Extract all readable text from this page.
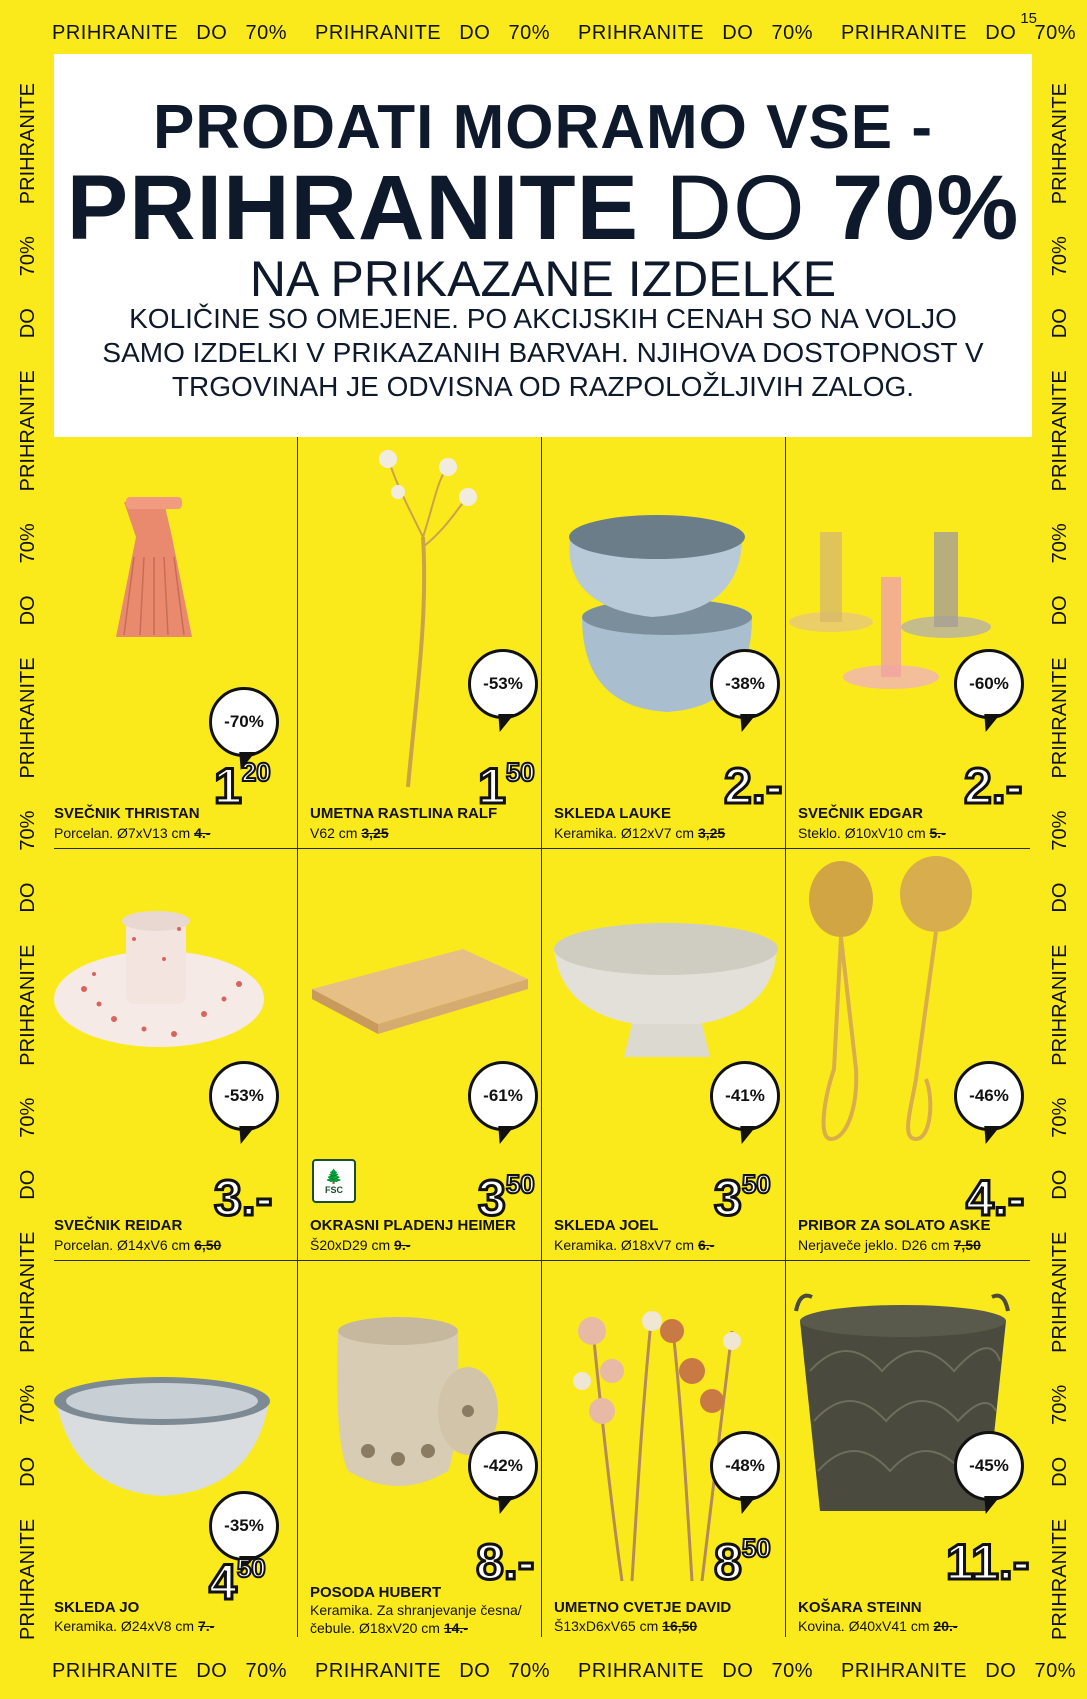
PRIHRANITE DO 70% PRIHRANITE DO 70% PRIHRANITE DO 70% PRIHRANITE DO 70%
15
PRIHRANITE
DO
70%
PRIHRANITE
DO
70%
PRIHRANITE
DO
70%
PRIHRANITE
DO
70%
PRIHRANITE
DO
70%
PRIHRANITE
PRIHRANITE
DO
70%
PRIHRANITE
DO
70%
PRIHRANITE
DO
70%
PRIHRANITE
DO
70%
PRIHRANITE
DO
70%
PRIHRANITE
PRODATI MORAMO VSE -
PRIHRANITE DO 70%
NA PRIKAZANE IZDELKE
KOLIČINE SO OMEJENE. PO AKCIJSKIH CENAH SO NA VOLJO SAMO IZDELKI V PRIKAZANIH BARVAH. NJIHOVA DOSTOPNOST V TRGOVINAH JE ODVISNA OD RAZPOLOŽLJIVIH ZALOG.
-70%
$1^{20}$
SVEČNIK THRISTAN
Porcelan. Ø7xV13 cm 4.-
-53%
$1^{50}$
UMETNA RASTLINA RALF
V62 cm 3,25
-38%
2.-
SKLEDA LAUKE
Keramika. Ø12xV7 cm 3,25
-60%
2.-
SVEČNIK EDGAR
Steklo. Ø10xV10 cm 5.-
-53%
3.-
SVEČNIK REIDAR
Porcelan. Ø14xV6 cm 6,50
🌲
FSC
-61%
$3^{50}$
OKRASNI PLADENJ HEIMER
Š20xD29 cm 9.-
-41%
$3^{50}$
SKLEDA JOEL
Keramika. Ø18xV7 cm 6.-
-46%
4.-
PRIBOR ZA SOLATO ASKE
Nerjaveče jeklo. D26 cm 7,50
-35%
$4^{50}$
SKLEDA JO
Keramika. Ø24xV8 cm 7.-
-42%
8.-
POSODA HUBERT
Keramika. Za shranjevanje česna/ čebule. Ø18xV20 cm 14.-
-48%
$8^{50}$
UMETNO CVETJE DAVID
Š13xD6xV65 cm 16,50
-45%
11.-
KOŠARA STEINN
Kovina. Ø40xV41 cm 20.-
PRIHRANITE DO 70% PRIHRANITE DO 70% PRIHRANITE DO 70% PRIHRANITE DO 70%
